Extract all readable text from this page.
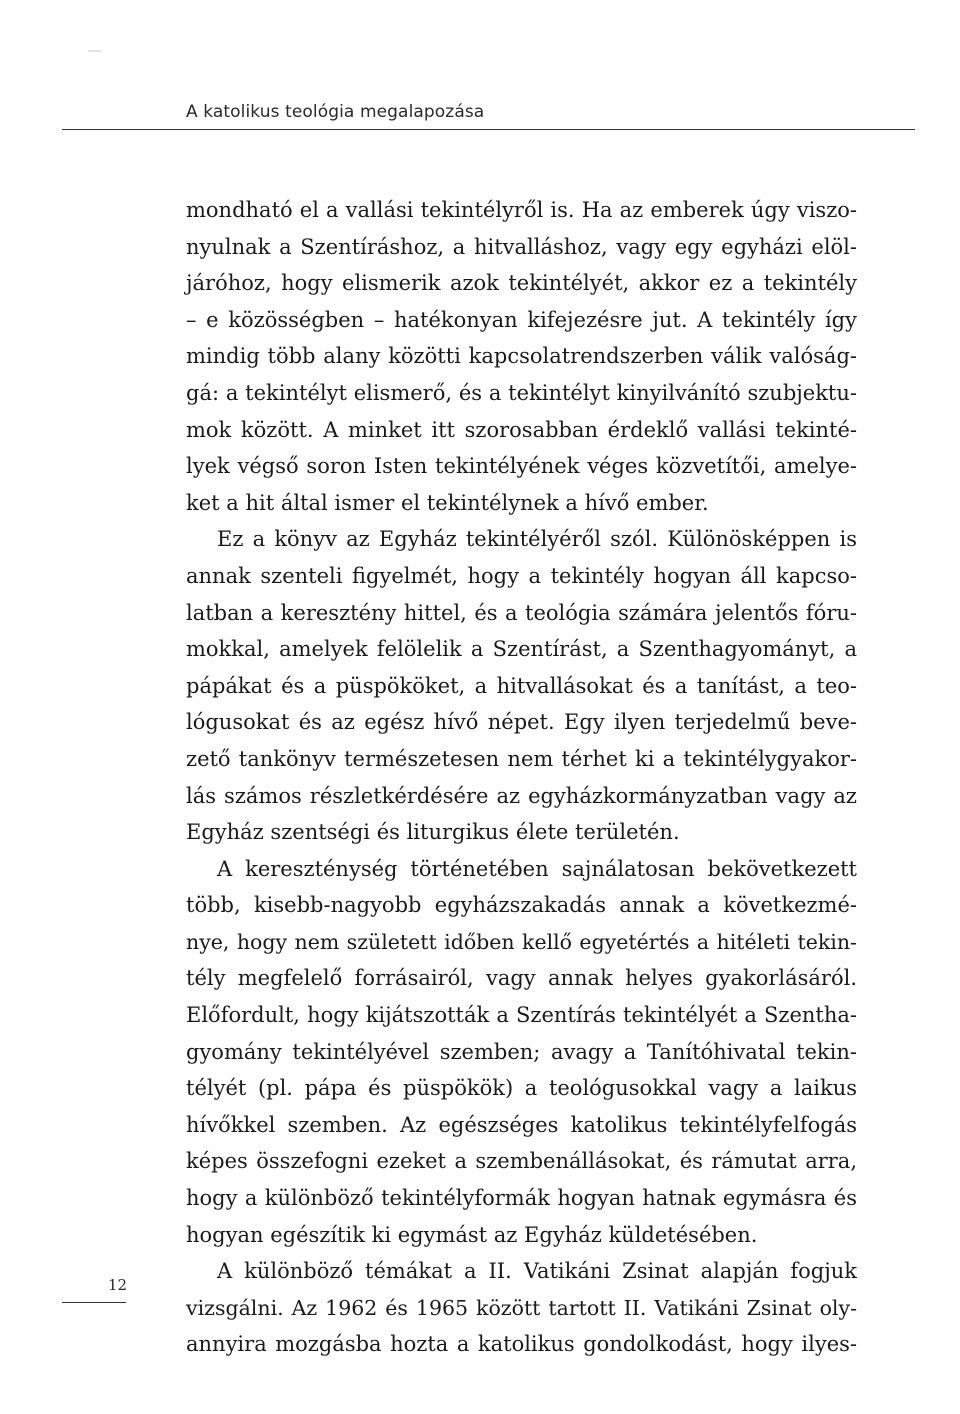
A katolikus teológia megalapozása
mondható el a vallási tekintélyről is. Ha az emberek úgy viszo-
nyulnak a Szentíráshoz, a hitvalláshoz, vagy egy egyházi elöl-
járóhoz, hogy elismerik azok tekintélyét, akkor ez a tekintély
– e közösségben – hatékonyan kifejezésre jut. A tekintély így
mindig több alany közötti kapcsolatrendszerben válik valóság-
gá: a tekintélyt elismerő, és a tekintélyt kinyilvánító szubjektu-
mok között. A minket itt szorosabban érdeklő vallási tekinté-
lyek végső soron Isten tekintélyének véges közvetítői, amelye-
ket a hit által ismer el tekintélynek a hívő ember.
Ez a könyv az Egyház tekintélyéről szól. Különösképpen is
annak szenteli figyelmét, hogy a tekintély hogyan áll kapcso-
latban a keresztény hittel, és a teológia számára jelentős fóru-
mokkal, amelyek felölelik a Szentírást, a Szenthagyományt, a
pápákat és a püspököket, a hitvallásokat és a tanítást, a teo-
lógusokat és az egész hívő népet. Egy ilyen terjedelmű beve-
zető tankönyv természetesen nem térhet ki a tekintélygyakor-
lás számos részletkérdésére az egyházkormányzatban vagy az
Egyház szentségi és liturgikus élete területén.
A kereszténység történetében sajnálatosan bekövetkezett
több, kisebb-nagyobb egyházszakadás annak a következmé-
nye, hogy nem született időben kellő egyetértés a hitéleti tekin-
tély megfelelő forrásairól, vagy annak helyes gyakorlásáról.
Előfordult, hogy kijátszották a Szentírás tekintélyét a Szentha-
gyomány tekintélyével szemben; avagy a Tanítóhivatal tekin-
télyét (pl. pápa és püspökök) a teológusokkal vagy a laikus
hívőkkel szemben. Az egészséges katolikus tekintélyfelfogás
képes összefogni ezeket a szembenállásokat, és rámutat arra,
hogy a különböző tekintélyformák hogyan hatnak egymásra és
hogyan egészítik ki egymást az Egyház küldetésében.
A különböző témákat a II. Vatikáni Zsinat alapján fogjuk
vizsgálni. Az 1962 és 1965 között tartott II. Vatikáni Zsinat oly-
annyira mozgásba hozta a katolikus gondolkodást, hogy ilyes-
12
